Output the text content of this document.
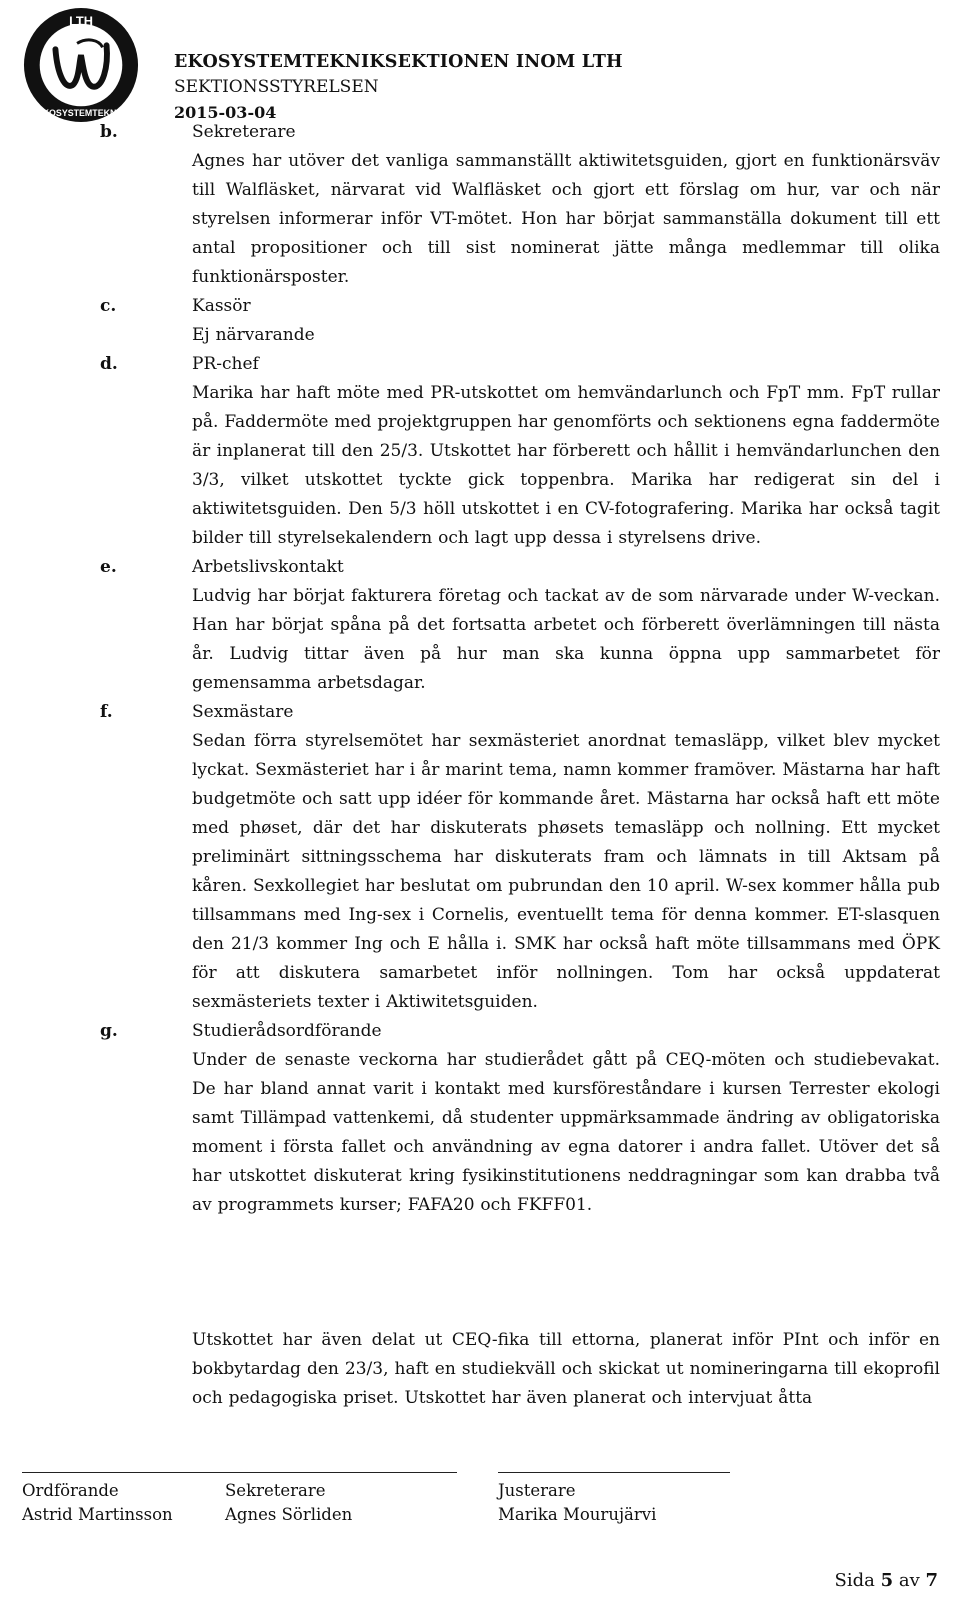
LTH
EKOSYSTEMTEKNIK
EKOSYSTEMTEKNIKSEKTIONEN INOM LTH
SEKTIONSSTYRELSEN
2015-03-04
b.	Sekreterare
Agnes har utöver det vanliga sammanställt aktiwitetsguiden, gjort en funktionärsväv till Walfläsket, närvarat vid Walfläsket och gjort ett förslag om hur, var och när styrelsen informerar inför VT-mötet. Hon har börjat sammanställa dokument till ett antal propositioner och till sist nominerat jätte många medlemmar till olika funktionärsposter.
c.	Kassör
Ej närvarande
d.	PR-chef
Marika har haft möte med PR-utskottet om hemvändarlunch och FpT mm. FpT rullar på. Faddermöte med projektgruppen har genomförts och sektionens egna faddermöte är inplanerat till den 25/3. Utskottet har förberett och hållit i hemvändarlunchen den 3/3, vilket utskottet tyckte gick toppenbra. Marika har redigerat sin del i aktiwitetsguiden. Den 5/3 höll utskottet i en CV-fotografering. Marika har också tagit bilder till styrelsekalendern och lagt upp dessa i styrelsens drive.
e.	Arbetslivskontakt
Ludvig har börjat fakturera företag och tackat av de som närvarade under W-veckan. Han har börjat spåna på det fortsatta arbetet och förberett överlämningen till nästa år. Ludvig tittar även på hur man ska kunna öppna upp sammarbetet för gemensamma arbetsdagar.
f.	Sexmästare
Sedan förra styrelsemötet har sexmästeriet anordnat temasläpp, vilket blev mycket lyckat. Sexmästeriet har i år marint tema, namn kommer framöver. Mästarna har haft budgetmöte och satt upp idéer för kommande året. Mästarna har också haft ett möte med phøset, där det har diskuterats phøsets temasläpp och nollning. Ett mycket preliminärt sittningsschema har diskuterats fram och lämnats in till Aktsam på kåren. Sexkollegiet har beslutat om pubrundan den 10 april. W-sex kommer hålla pub tillsammans med Ing-sex i Cornelis, eventuellt tema för denna kommer. ET-slasquen den 21/3 kommer Ing och E hålla i. SMK har också haft möte tillsammans med ÖPK för att diskutera samarbetet inför nollningen. Tom har också uppdaterat sexmästeriets texter i Aktiwitetsguiden.
g.	Studierådsordförande
Under de senaste veckorna har studierådet gått på CEQ-möten och studiebevakat. De har bland annat varit i kontakt med kursföreståndare i kursen Terrester ekologi samt Tillämpad vattenkemi, då studenter uppmärksammade ändring av obligatoriska moment i första fallet och användning av egna datorer i andra fallet. Utöver det så har utskottet diskuterat kring fysikinstitutionens neddragningar som kan drabba två av programmets kurser; FAFA20 och FKFF01.
Utskottet har även delat ut CEQ-fika till ettorna, planerat inför PInt och inför en bokbytardag den 23/3, haft en studiekväll och skickat ut nomineringarna till ekoprofil och pedagogiska priset. Utskottet har även planerat och intervjuat åtta
Ordförande
Astrid Martinsson
Sekreterare
Agnes Sörliden
Justerare
Marika Mourujärvi
Sida 5 av 7
